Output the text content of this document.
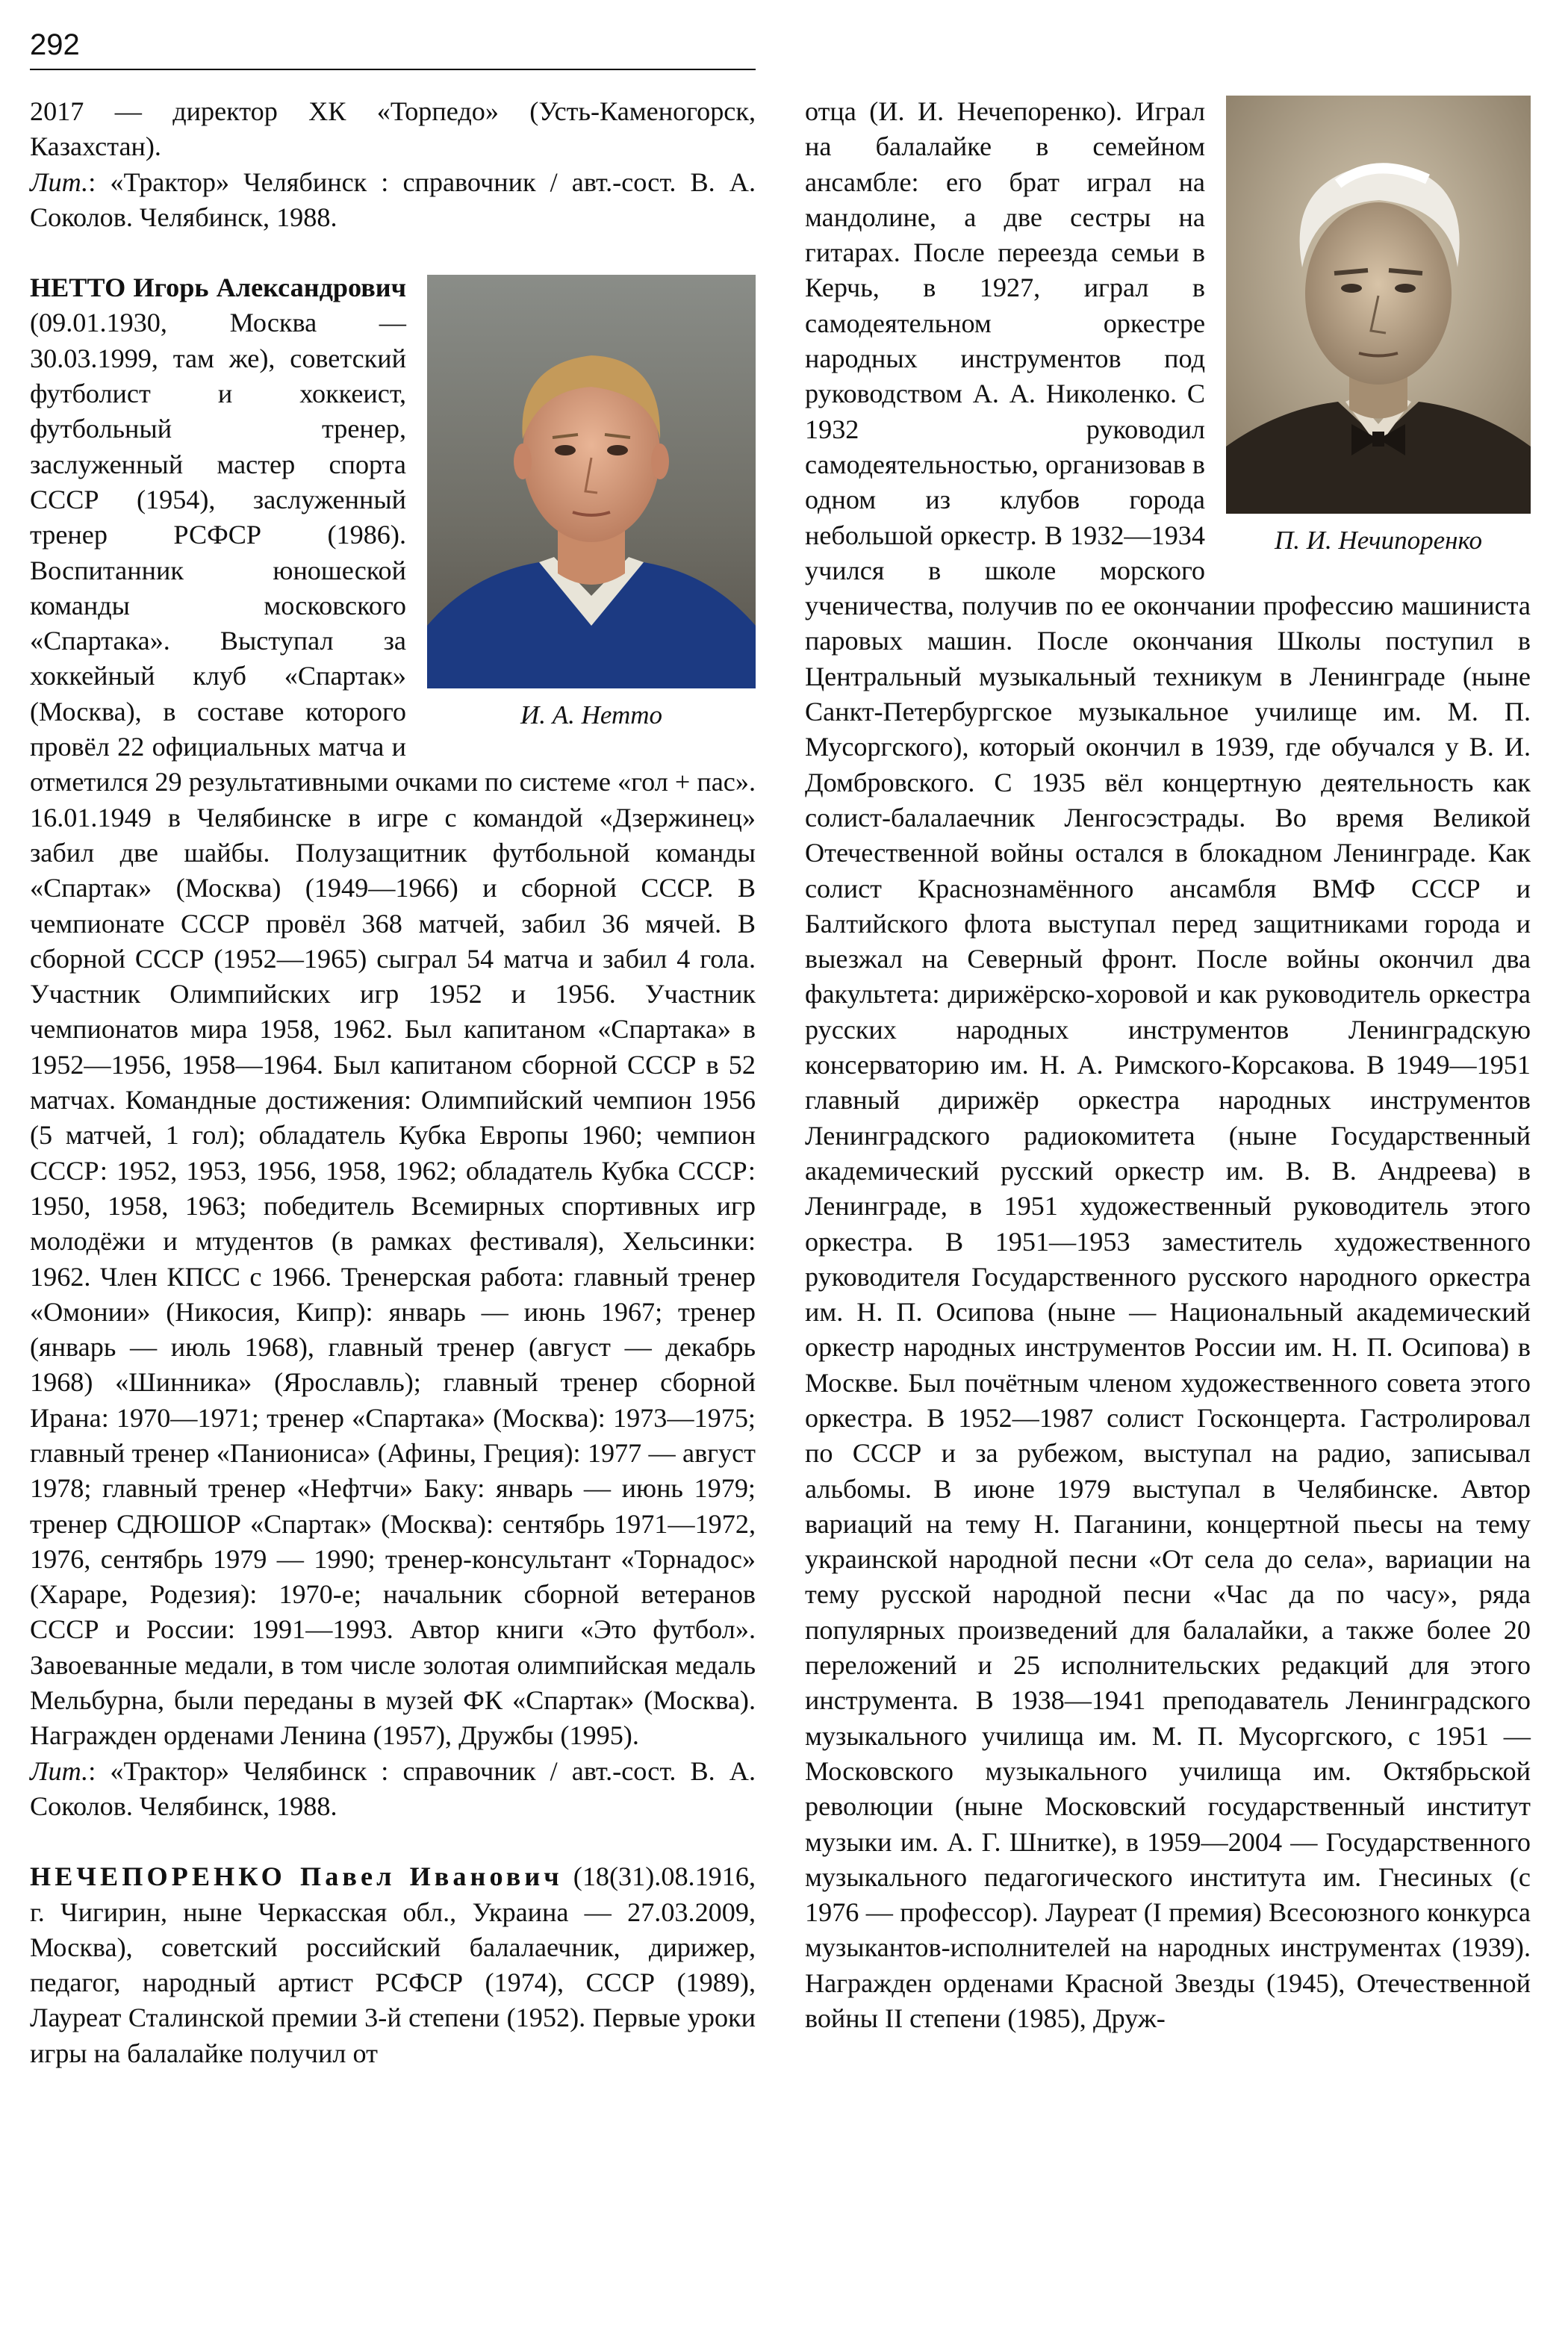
292

2017 — директор ХК «Торпедо» (Усть-Каменогорск, Казахстан).
Лит.: «Трактор» Челябинск : справочник / авт.-сост. В. А. Соколов. Челябинск, 1988.

И. А. Нетто

НЕТТО Игорь Александрович (09.01.1930, Москва — 30.03.1999, там же), советский футболист и хоккеист, футбольный тренер, заслуженный мастер спорта СССР (1954), заслуженный тренер РСФСР (1986). Воспитанник юношеской команды московского «Спартака». Выступал за хоккейный клуб «Спартак» (Москва), в составе которого провёл 22 официальных матча и отметился 29 результативными очками по системе «гол + пас». 16.01.1949 в Челябинске в игре с командой «Дзержинец» забил две шайбы. Полузащитник футбольной команды «Спартак» (Москва) (1949—1966) и сборной СССР. В чемпионате СССР провёл 368 матчей, забил 36 мячей. В сборной СССР (1952—1965) сыграл 54 матча и забил 4 гола. Участник Олимпийских игр 1952 и 1956. Участник чемпионатов мира 1958, 1962. Был капитаном «Спартака» в 1952—1956, 1958—1964. Был капитаном сборной СССР в 52 матчах. Командные достижения: Олимпийский чемпион 1956 (5 матчей, 1 гол); обладатель Кубка Европы 1960; чемпион СССР: 1952, 1953, 1956, 1958, 1962; обладатель Кубка СССР: 1950, 1958, 1963; победитель Всемирных спортивных игр молодёжи и мтудентов (в рамках фестиваля), Хельсинки: 1962. Член КПСС с 1966. Тренерская работа: главный тренер «Омонии» (Никосия, Кипр): январь — июнь 1967; тренер (январь — июль 1968), главный тренер (август — декабрь 1968) «Шинника» (Ярославль); главный тренер сборной Ирана: 1970—1971; тренер «Спартака» (Москва): 1973—1975; главный тренер «Паниониса» (Афины, Греция): 1977 — август 1978; главный тренер «Нефтчи» Баку: январь — июнь 1979; тренер СДЮШОР «Спартак» (Москва): сентябрь 1971—1972, 1976, сентябрь 1979 — 1990; тренер-консультант «Торнадос» (Хараре, Родезия): 1970-е; начальник сборной ветеранов СССР и России: 1991—1993. Автор книги «Это футбол». Завоеванные медали, в том числе золотая олимпийская медаль Мельбурна, были переданы в музей ФК «Спартак» (Москва). Награжден орденами Ленина (1957), Дружбы (1995).
Лит.: «Трактор» Челябинск : справочник / авт.-сост. В. А. Соколов. Челябинск, 1988.

НЕЧЕПОРЕНКО Павел Иванович (18(31).08.1916, г. Чигирин, ныне Черкасская обл., Украина — 27.03.2009, Москва), советский российский балалаечник, дирижер, педагог, народный артист РСФСР (1974), СССР (1989), Лауреат Сталинской премии 3-й степени (1952). Первые уроки игры на балалайке получил от

П. И. Нечипоренко

отца (И. И. Нечепоренко). Играл на балалайке в семейном ансамбле: его брат играл на мандолине, а две сестры на гитарах. После переезда семьи в Керчь, в 1927, играл в самодеятельном оркестре народных инструментов под руководством А. А. Николенко. С 1932 руководил самодеятельностью, организовав в одном из клубов города небольшой оркестр. В 1932—1934 учился в школе морского ученичества, получив по ее окончании профессию машиниста паровых машин. После окончания Школы поступил в Центральный музыкальный техникум в Ленинграде (ныне Санкт-Петербургское музыкальное училище им. М. П. Мусоргского), который окончил в 1939, где обучался у В. И. Домбровского. С 1935 вёл концертную деятельность как солист-балалаечник Ленгосэстрады. Во время Великой Отечественной войны остался в блокадном Ленинграде. Как солист Краснознамённого ансамбля ВМФ СССР и Балтийского флота выступал перед защитниками города и выезжал на Северный фронт. После войны окончил два факультета: дирижёрско-хоровой и как руководитель оркестра русских народных инструментов Ленинградскую консерваторию им. Н. А. Римского-Корсакова. В 1949—1951 главный дирижёр оркестра народных инструментов Ленинградского радиокомитета (ныне Государственный академический русский оркестр им. В. В. Андреева) в Ленинграде, в 1951 художественный руководитель этого оркестра. В 1951—1953 заместитель художественного руководителя Государственного русского народного оркестра им. Н. П. Осипова (ныне — Национальный академический оркестр народных инструментов России им. Н. П. Осипова) в Москве. Был почётным членом художественного совета этого оркестра. В 1952—1987 солист Госконцерта. Гастролировал по СССР и за рубежом, выступал на радио, записывал альбомы. В июне 1979 выступал в Челябинске. Автор вариаций на тему Н. Паганини, концертной пьесы на тему украинской народной песни «От села до села», вариации на тему русской народной песни «Час да по часу», ряда популярных произведений для балалайки, а также более 20 переложений и 25 исполнительских редакций для этого инструмента. В 1938—1941 преподаватель Ленинградского музыкального училища им. М. П. Мусоргского, с 1951 — Московского музыкального училища им. Октябрьской революции (ныне Московский государственный институт музыки им. А. Г. Шнитке), в 1959—2004 — Государственного музыкального педагогического института им. Гнесиных (с 1976 — профессор). Лауреат (I премия) Всесоюзного конкурса музыкантов-исполнителей на народных инструментах (1939). Награжден орденами Красной Звезды (1945), Отечественной войны II степени (1985), Друж-
